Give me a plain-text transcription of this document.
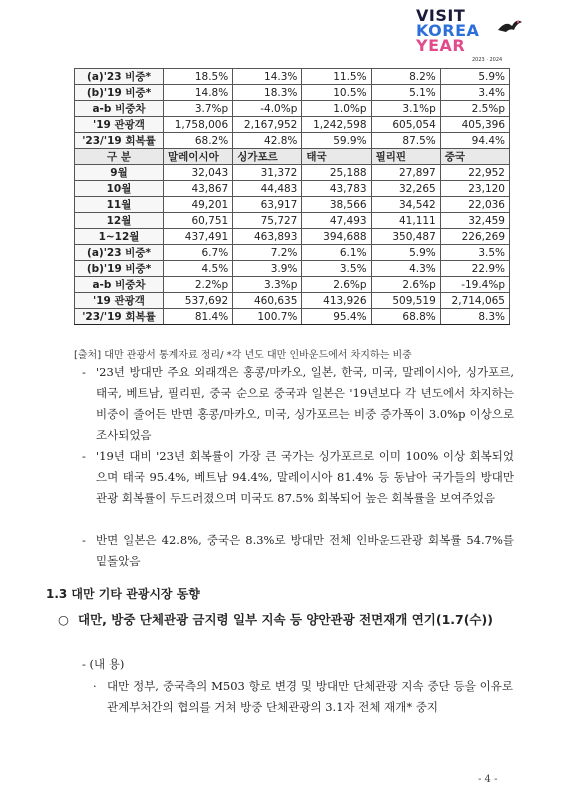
VISIT
KOREA
YEAR
2023 · 2024
(a)'23 비중*	18.5%	14.3%	11.5%	8.2%	5.9%
(b)'19 비중*	14.8%	18.3%	10.5%	5.1%	3.4%
a-b 비중차	3.7%p	-4.0%p	1.0%p	3.1%p	2.5%p
'19 관광객	1,758,006	2,167,952	1,242,598	605,054	405,396
'23/'19 회복률	68.2%	42.8%	59.9%	87.5%	94.4%
구 분	말레이시아	싱가포르	태국	필리핀	중국
9월	32,043	31,372	25,188	27,897	22,952
10월	43,867	44,483	43,783	32,265	23,120
11월	49,201	63,917	38,566	34,542	22,036
12월	60,751	75,727	47,493	41,111	32,459
1~12월	437,491	463,893	394,688	350,487	226,269
(a)'23 비중*	6.7%	7.2%	6.1%	5.9%	3.5%
(b)'19 비중*	4.5%	3.9%	3.5%	4.3%	22.9%
a-b 비중차	2.2%p	3.3%p	2.6%p	2.6%p	-19.4%p
'19 관광객	537,692	460,635	413,926	509,519	2,714,065
'23/'19 회복률	81.4%	100.7%	95.4%	68.8%	8.3%
[출처] 대만 관광서 통계자료 정리/ *각 년도 대만 인바운드에서 차지하는 비중
- '23년 방대만 주요 외래객은 홍콩/마카오, 일본, 한국, 미국, 말레이시아, 싱가포르, 태국, 베트남, 필리핀, 중국 순으로 중국과 일본은 '19년보다 각 년도에서 차지하는 비중이 줄어든 반면 홍콩/마카오, 미국, 싱가포르는 비중 증가폭이 3.0%p 이상으로 조사되었음
- '19년 대비 '23년 회복률이 가장 큰 국가는 싱가포르로 이미 100% 이상 회복되었으며 태국 95.4%, 베트남 94.4%, 말레이시아 81.4% 등 동남아 국가들의 방대만 관광 회복률이 두드러졌으며 미국도 87.5% 회복되어 높은 회복률을 보여주었음
- 반면 일본은 42.8%, 중국은 8.3%로 방대만 전체 인바운드관광 회복률 54.7%를 밑돌았음
1.3 대만 기타 관광시장 동향
○ 대만, 방중 단체관광 금지령 일부 지속 등 양안관광 전면재개 연기(1.7(수))
- (내 용)
· 대만 정부, 중국측의 M503 항로 변경 및 방대만 단체관광 지속 중단 등을 이유로 관계부처간의 협의를 거쳐 방중 단체관광의 3.1자 전체 재개* 중지
- 4 -
